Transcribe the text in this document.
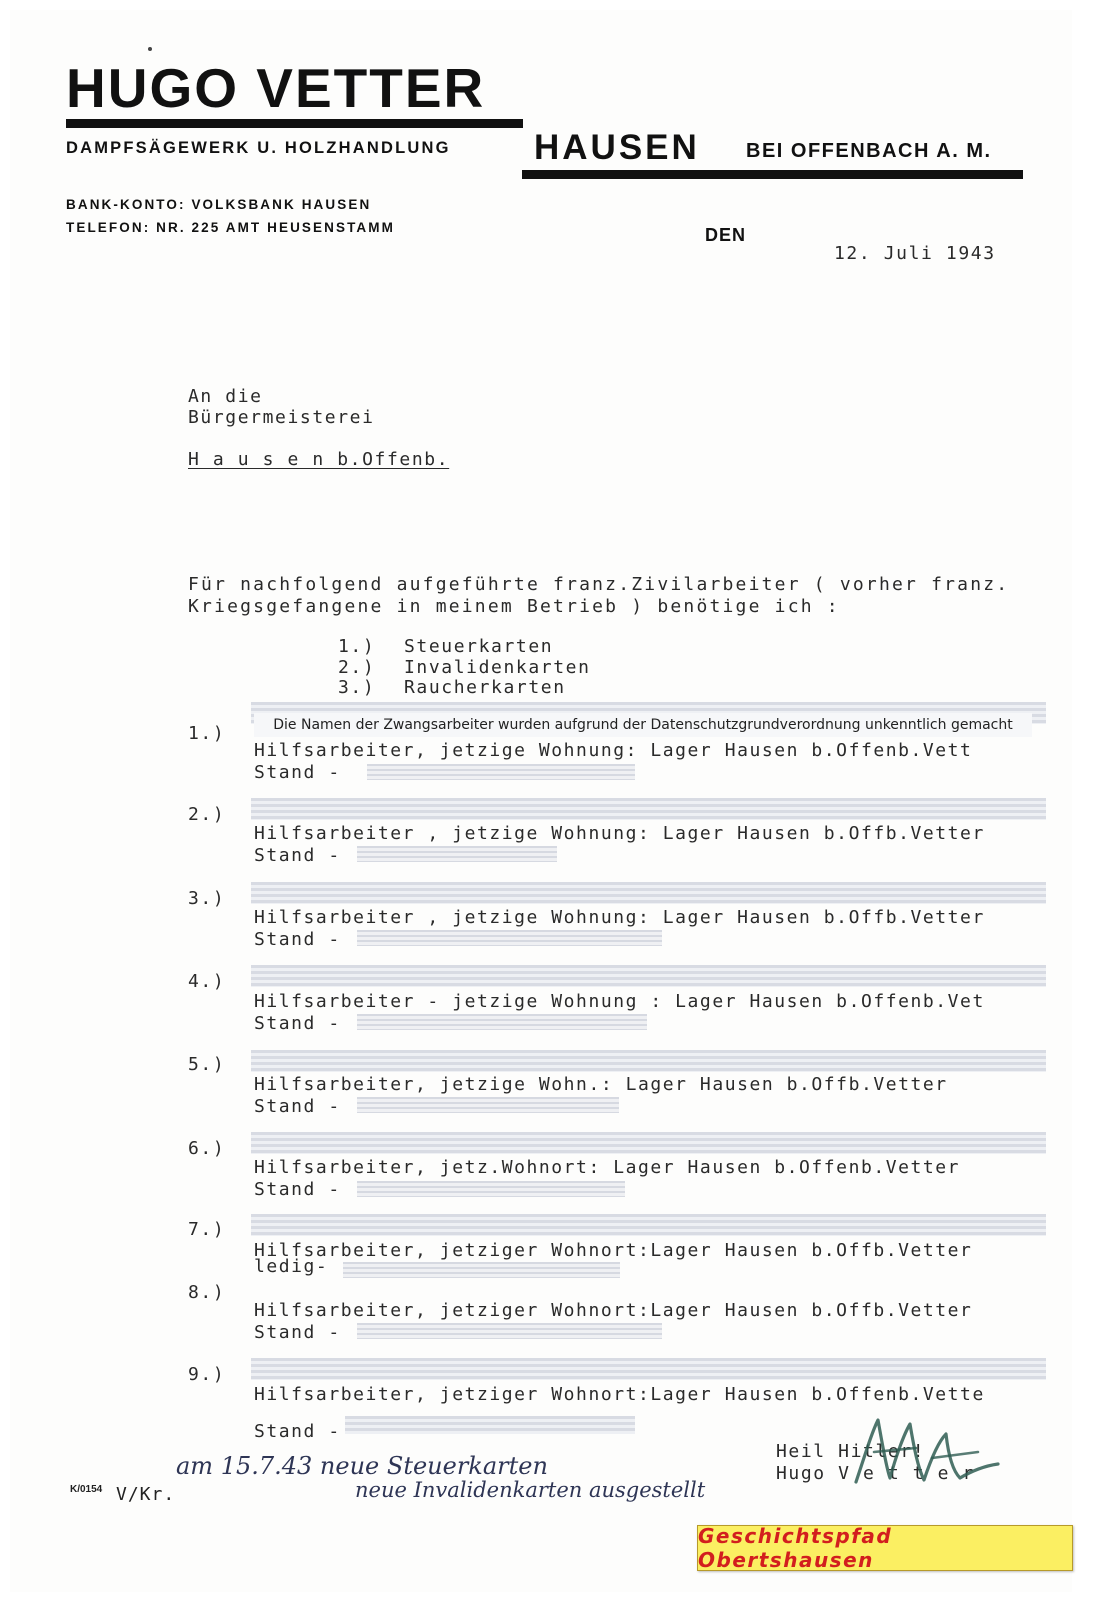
HUGO VETTER
DAMPFSÄGEWERK U. HOLZHANDLUNG HAUSEN BEI OFFENBACH A. M.
BANK-KONTO: VOLKSBANK HAUSEN
TELEFON: NR. 225 AMT HEUSENSTAMM	DEN
12. Juli 1943
An die
Bürgermeisterei
H a u s e n b.Offenb.
Für nachfolgend aufgeführte franz.Zivilarbeiter ( vorher franz.
Kriegsgefangene in meinem Betrieb ) benötige ich :
1.) Steuerkarten
2.) Invalidenkarten
3.) Raucherkarten
Die Namen der Zwangsarbeiter wurden aufgrund der Datenschutzgrundverordnung unkenntlich gemacht
1.)
Hilfsarbeiter, jetzige Wohnung: Lager Hausen b.Offenb.Vett
Stand -
2.)
Hilfsarbeiter , jetzige Wohnung: Lager Hausen b.Offb.Vetter
Stand -
3.)
Hilfsarbeiter , jetzige Wohnung: Lager Hausen b.Offb.Vetter
Stand -
4.)
Hilfsarbeiter - jetzige Wohnung : Lager Hausen b.Offenb.Vet
Stand -
5.)
Hilfsarbeiter, jetzige Wohn.: Lager Hausen b.Offb.Vetter
Stand -
6.)
Hilfsarbeiter, jetz.Wohnort: Lager Hausen b.Offenb.Vetter
Stand -
7.)
Hilfsarbeiter, jetziger Wohnort:Lager Hausen b.Offb.Vetter
ledig-
8.)
Hilfsarbeiter, jetziger Wohnort:Lager Hausen b.Offb.Vetter
Stand -
9.)
Hilfsarbeiter, jetziger Wohnort:Lager Hausen b.Offenb.Vette
Stand -
Heil Hitler!
Hugo V e t t e r
am 15.7.43 neue Steuerkarten
neue Invalidenkarten ausgestellt
K/0154 V/Kr.
Geschichtspfad Obertshausen
